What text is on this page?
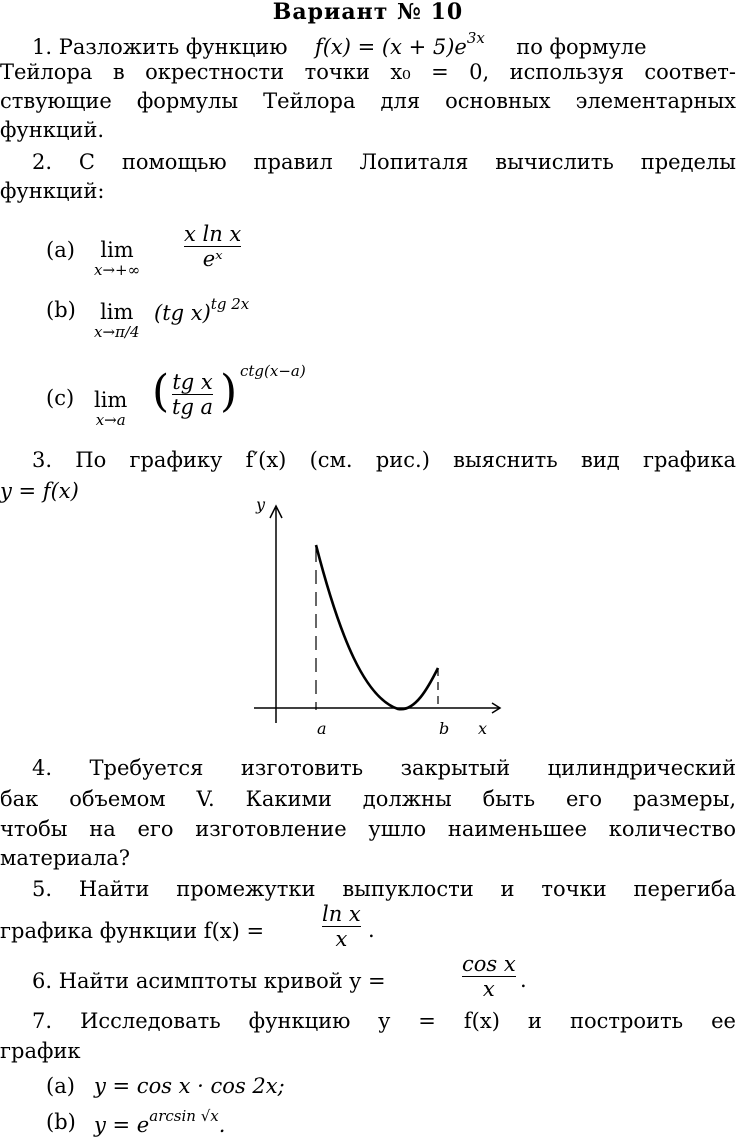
Вариант № 10
1. Разложить функцию $f(x) = (x + 5)e^{3x}$ по формуле
Тейлора в окрестности точки x₀ = 0, используя соответ-
ствующие формулы Тейлора для основных элементарных
функций.
2. С помощью правил Лопиталя вычислить пределы
функций:
(a)	lim
$x\to+\infty \frac{\text{x ln x}}{\text{eˣ}}$
(b) lim
x→π/4
(tg x)$^{tg 2x}$
(c) lim
x→a
( $\frac{\text{tg x}}{\text{tg a}}$ ) ctg(x−a)
3. По графику f′(x) (см. рис.) выяснить вид графика
y = f(x)
y
x
a	b
4. Требуется изготовить закрытый цилиндрический
бак объемом V. Какими должны быть его размеры,
чтобы на его изготовление ушло наименьшее количество
материала?
5. Найти промежутки выпуклости и точки перегиба
графика функции f(x) =	$\frac{\text{ln x}}{x}$ .
6. Найти асимптоты кривой y =	$\frac{\text{cos x}}{x}$ .
7. Исследовать функцию y = f(x) и построить ее
график
(a) y = cos x · cos 2x;
(b) $y = e^{arcsin √x}$.
